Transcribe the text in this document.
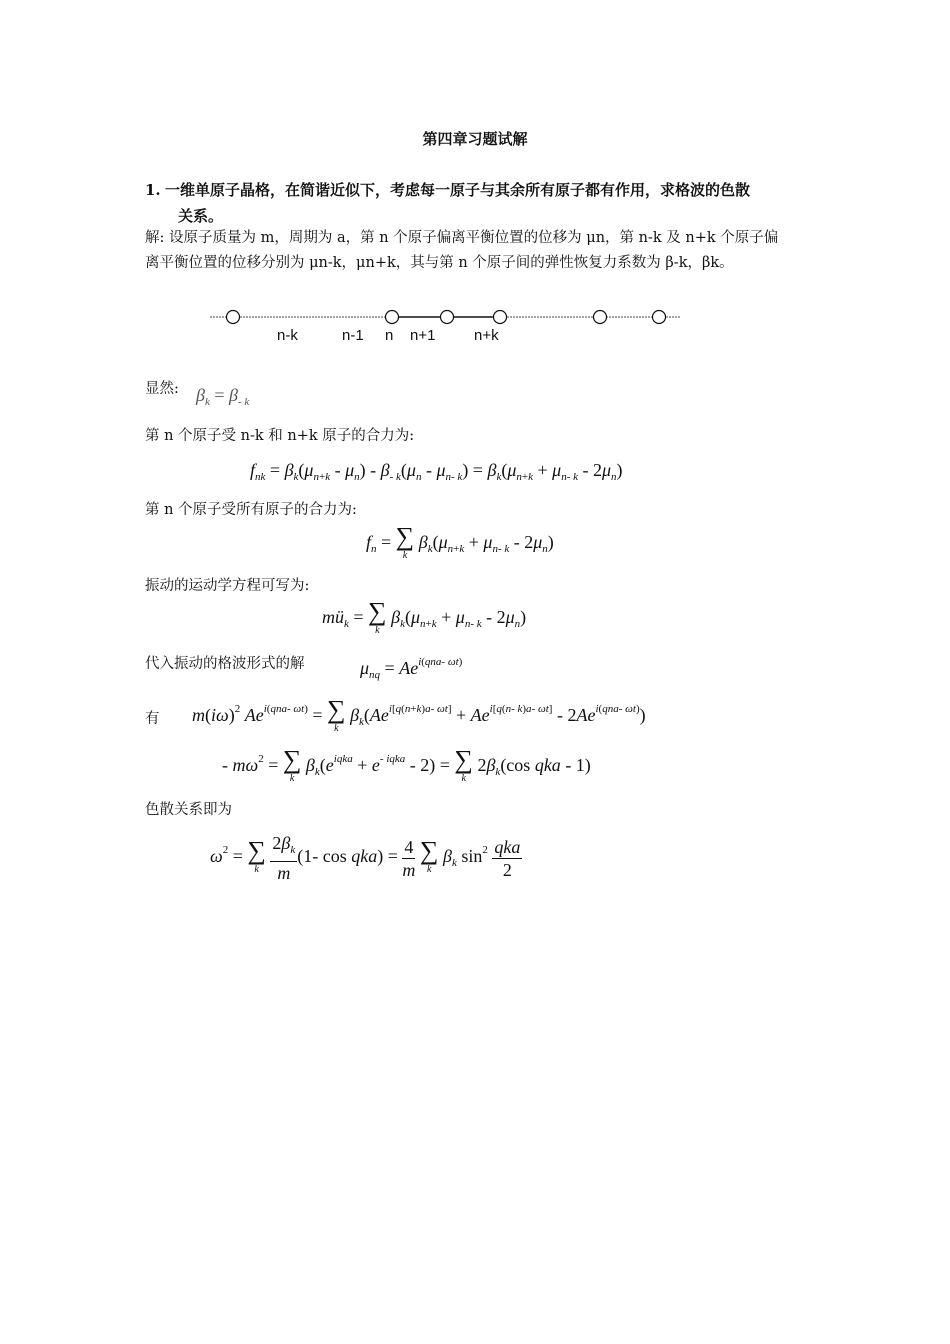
第四章习题试解
1. 一维单原子晶格，在简谐近似下，考虑每一原子与其余所有原子都有作用，求格波的色散
关系。
解: 设原子质量为 m，周期为 a，第 n 个原子偏离平衡位置的位移为 μn，第 n-k 及 n+k 个原子偏
离平衡位置的位移分别为 μn-k，μn+k，其与第 n 个原子间的弹性恢复力系数为 β-k，βk。
n-k	n-1 n n+1	n+k
显然: $\beta_k = \beta_{- k}$
第 n 个原子受 n-k 和 n+k 原子的合力为:
$f_{nk} = \beta_k(\mu_{n+k} - \mu_n) - \beta_{- k}(\mu_n - \mu_{n- k}) = \beta_k(\mu_{n+k} + \mu_{n- k} - 2\mu_n)$
第 n 个原子受所有原子的合力为:
$f_n$ = ∑
k
$\beta_k(\mu_{n+k} + \mu_{n- k} - 2\mu_n)$
振动的运动学方程可写为:
$mü_k$ = ∑
k
$\beta_k(\mu_{n+k} + \mu_{n- k} - 2\mu_n)$
代入振动的格波形式的解	$\mu_{nq} = Ae^{i(qna- \omega t)}$
有 $m(i\omega)^2$ $Ae^{i(qna- \omega t)}$ = ∑
k
$\beta_k(Ae^{i[q(n+k)a- \omega t]} + Ae^{i[q(n- k)a- \omega t]} - 2Ae^{i(qna- \omega t)})$
- $m\omega^2$ = ∑
k
$\beta_k(e^{iqka} + e^{- iqka} - 2)$ = ∑
k
$2\beta_k(\cos$ qka - 1)
色散关系即为
$\omega^2$ = ∑
k
$\frac{2\beta_k}{m} (1-$ $\cos qka) = \frac{4}{m}$
∑
k
$\beta_k$ $\sin^2 \frac{\text{qka}}{2}$
